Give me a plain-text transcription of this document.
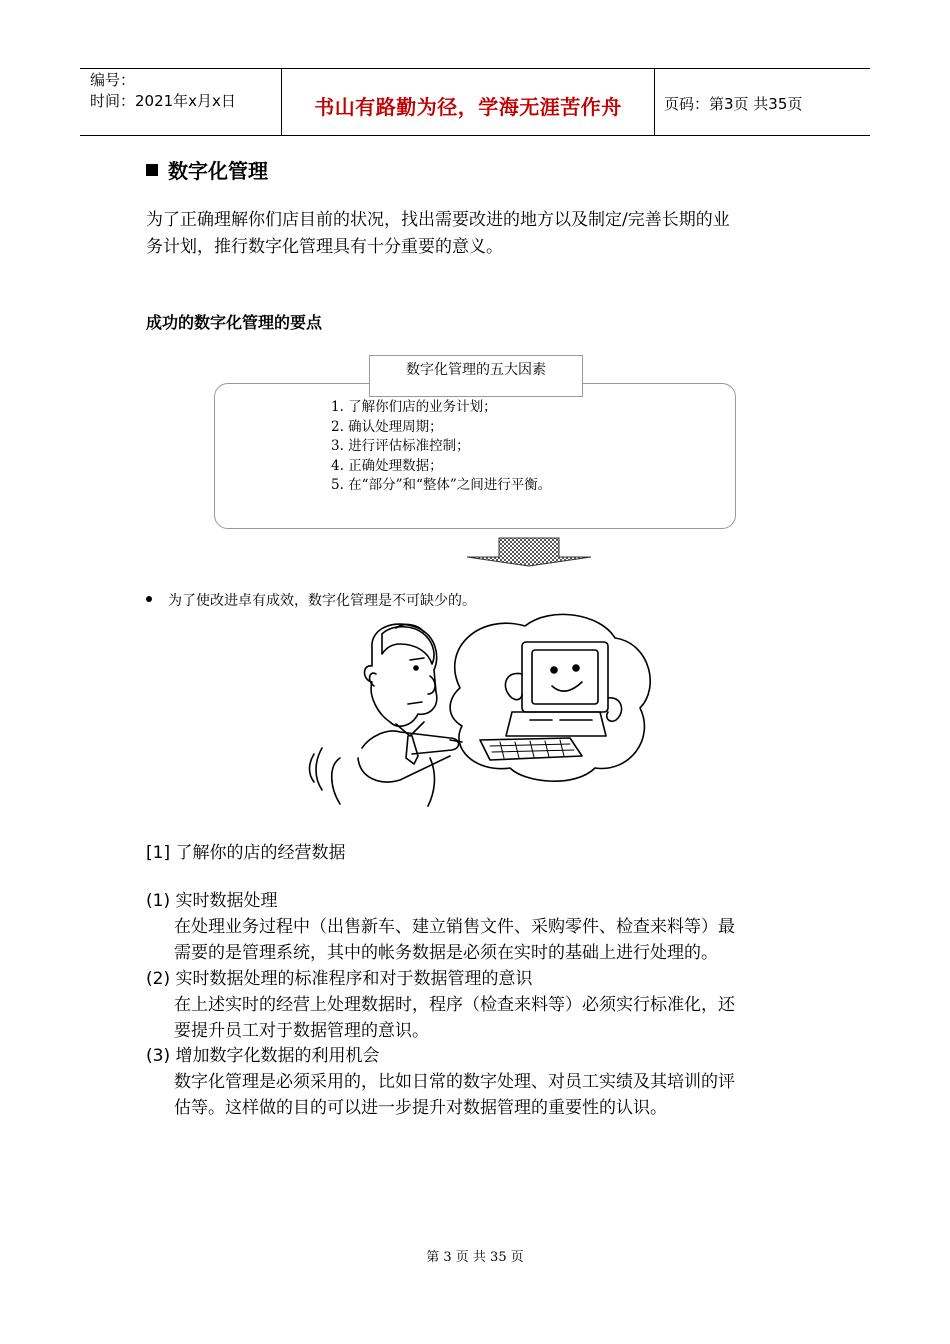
编号：
时间：2021年x月x日	书山有路勤为径，学海无涯苦作舟	页码：第3页 共35页
数字化管理
为了正确理解你们店目前的状况，找出需要改进的地方以及制定/完善长期的业
务计划，推行数字化管理具有十分重要的意义。
成功的数字化管理的要点
数字化管理的五大因素
1. 了解你们店的业务计划；
2. 确认处理周期；
3. 进行评估标准控制；
4. 正确处理数据；
5. 在“部分”和“整体”之间进行平衡。
为了使改进卓有成效，数字化管理是不可缺少的。
[1] 了解你的店的经营数据
(1) 实时数据处理
在处理业务过程中（出售新车、建立销售文件、采购零件、检查来料等）最
需要的是管理系统，其中的帐务数据是必须在实时的基础上进行处理的。
(2) 实时数据处理的标准程序和对于数据管理的意识
在上述实时的经营上处理数据时，程序（检查来料等）必须实行标准化，还
要提升员工对于数据管理的意识。
(3) 增加数字化数据的利用机会
数字化管理是必须采用的，比如日常的数字处理、对员工实绩及其培训的评
估等。这样做的目的可以进一步提升对数据管理的重要性的认识。
第 3 页 共 35 页
